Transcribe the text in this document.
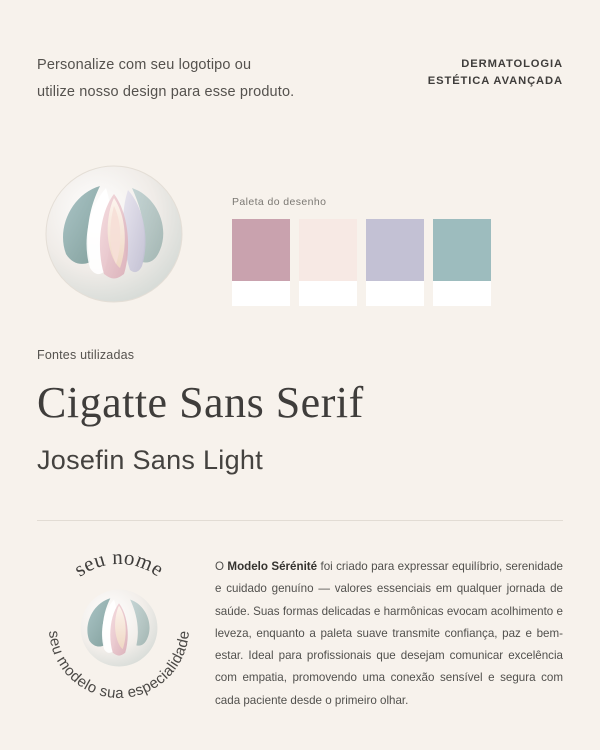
Personalize com seu logotipo ou
utilize nosso design para esse produto.
DERMATOLOGIA
ESTÉTICA AVANÇADA
Paleta do desenho
Fontes utilizadas
Cigatte Sans Serif
Josefin Sans Light
seu nome
seu modelo sua especialidade
O Modelo Sérénité foi criado para expressar equilíbrio, serenidade e cuidado genuíno — valores essenciais em qualquer jornada de saúde. Suas formas delicadas e harmônicas evocam acolhimento e leveza, enquanto a paleta suave transmite confiança, paz e bem-estar. Ideal para profissionais que desejam comunicar excelência com empatia, promovendo uma conexão sensível e segura com cada paciente desde o primeiro olhar.
